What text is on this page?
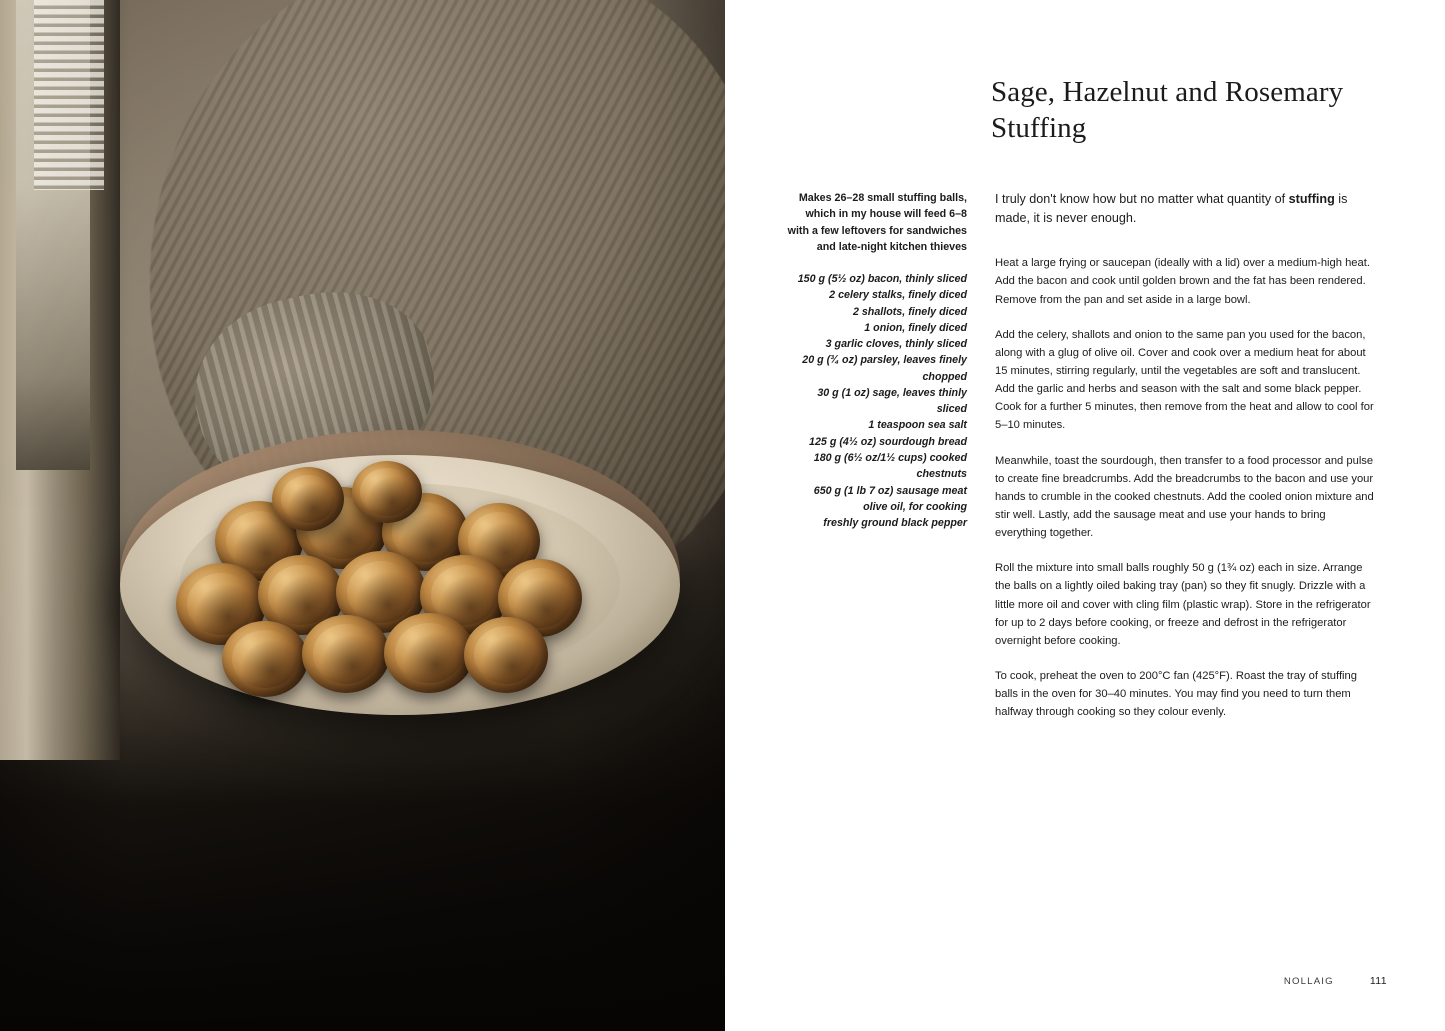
Sage, Hazelnut and Rosemary Stuffing
Makes 26–28 small stuffing balls, which in my house will feed 6–8 with a few leftovers for sandwiches and late-night kitchen thieves
150 g (5½ oz) bacon, thinly sliced
2 celery stalks, finely diced
2 shallots, finely diced
1 onion, finely diced
3 garlic cloves, thinly sliced
20 g (¾ oz) parsley, leaves finely chopped
30 g (1 oz) sage, leaves thinly sliced
1 teaspoon sea salt
125 g (4½ oz) sourdough bread
180 g (6½ oz/1½ cups) cooked chestnuts
650 g (1 lb 7 oz) sausage meat
olive oil, for cooking
freshly ground black pepper

I truly don't know how but no matter what quantity of stuffing is made, it is never enough.

Heat a large frying or saucepan (ideally with a lid) over a medium-high heat. Add the bacon and cook until golden brown and the fat has been rendered. Remove from the pan and set aside in a large bowl.

Add the celery, shallots and onion to the same pan you used for the bacon, along with a glug of olive oil. Cover and cook over a medium heat for about 15 minutes, stirring regularly, until the vegetables are soft and translucent. Add the garlic and herbs and season with the salt and some black pepper. Cook for a further 5 minutes, then remove from the heat and allow to cool for 5–10 minutes.

Meanwhile, toast the sourdough, then transfer to a food processor and pulse to create fine breadcrumbs. Add the breadcrumbs to the bacon and use your hands to crumble in the cooked chestnuts. Add the cooled onion mixture and stir well. Lastly, add the sausage meat and use your hands to bring everything together.

Roll the mixture into small balls roughly 50 g (1¾ oz) each in size. Arrange the balls on a lightly oiled baking tray (pan) so they fit snugly. Drizzle with a little more oil and cover with cling film (plastic wrap). Store in the refrigerator for up to 2 days before cooking, or freeze and defrost in the refrigerator overnight before cooking.

To cook, preheat the oven to 200°C fan (425°F). Roast the tray of stuffing balls in the oven for 30–40 minutes. You may find you need to turn them halfway through cooking so they colour evenly.

NOLLAIG	111
